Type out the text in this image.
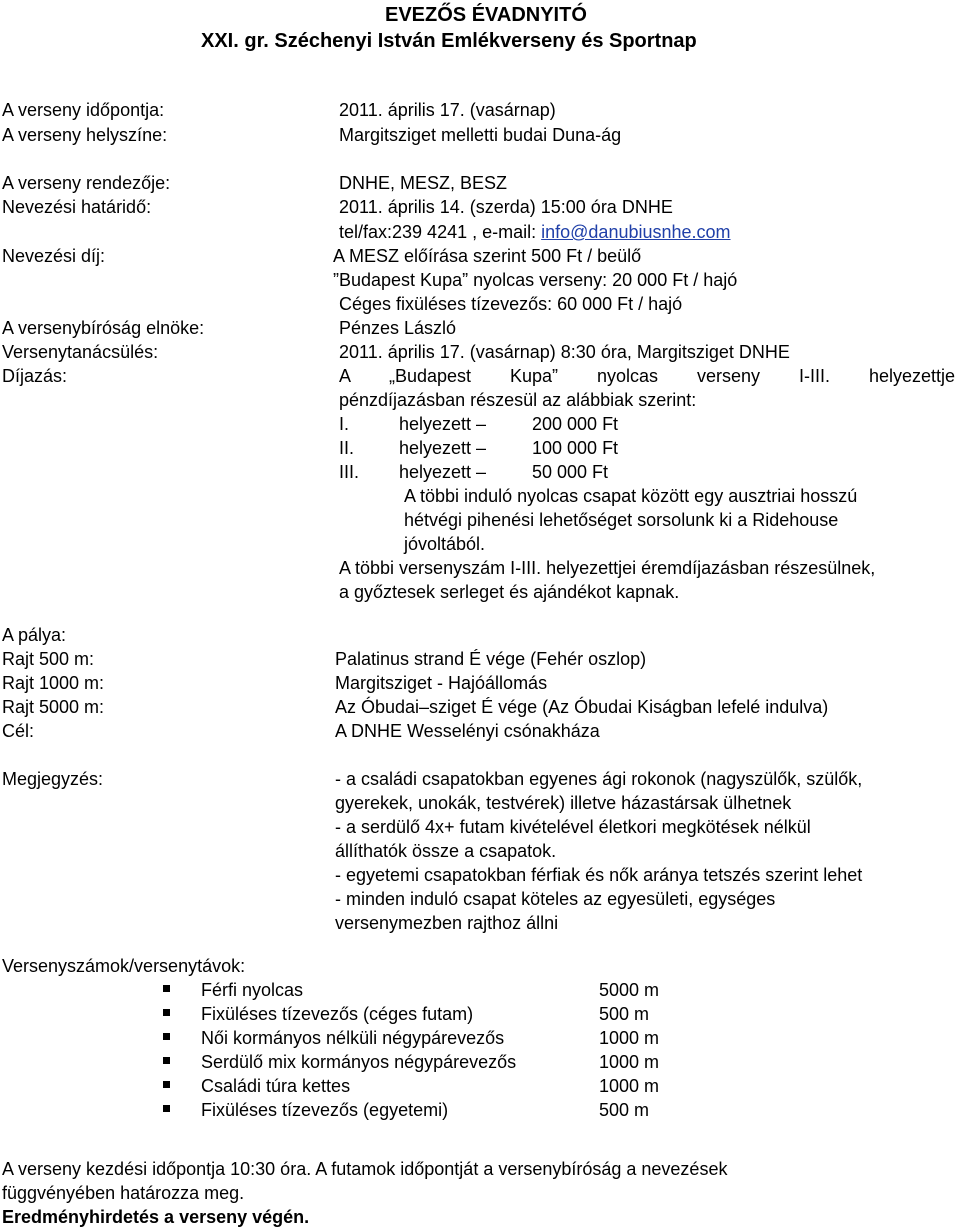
EVEZŐS ÉVADNYITÓ
XXI. gr. Széchenyi István Emlékverseny és Sportnap
A verseny időpontja:	2011. április 17. (vasárnap)
A verseny helyszíne:	Margitsziget melletti budai Duna-ág
A verseny rendezője:	DNHE, MESZ, BESZ
Nevezési határidő:	2011. április 14. (szerda) 15:00 óra DNHE
tel/fax:239 4241 , e-mail: info@danubiusnhe.com
Nevezési díj:	A MESZ előírása szerint 500 Ft / beülő
”Budapest Kupa” nyolcas verseny: 20 000 Ft / hajó
Céges fixüléses tízevezős: 60 000 Ft / hajó
A versenybíróság elnöke:	Pénzes László
Versenytanácsülés:	2011. április 17. (vasárnap) 8:30 óra, Margitsziget DNHE
Díjazás:	A „Budapest Kupa” nyolcas verseny I-III. helyezettje
pénzdíjazásban részesül az alábbiak szerint:
I.	helyezett –	200 000 Ft
II. helyezett –	100 000 Ft
III. helyezett –	50 000 Ft
A többi induló nyolcas csapat között egy ausztriai hosszú
hétvégi pihenési lehetőséget sorsolunk ki a Ridehouse
jóvoltából.
A többi versenyszám I-III. helyezettjei éremdíjazásban részesülnek,
a győztesek serleget és ajándékot kapnak.
A pálya:
Rajt 500 m:	Palatinus strand É vége (Fehér oszlop)
Rajt 1000 m:	Margitsziget - Hajóállomás
Rajt 5000 m:	Az Óbudai–sziget É vége (Az Óbudai Kiságban lefelé indulva)
Cél:	A DNHE Wesselényi csónakháza
Megjegyzés:	- a családi csapatokban egyenes ági rokonok (nagyszülők, szülők,
gyerekek, unokák, testvérek) illetve házastársak ülhetnek
- a serdülő 4x+ futam kivételével életkori megkötések nélkül
állíthatók össze a csapatok.
- egyetemi csapatokban férfiak és nők aránya tetszés szerint lehet
- minden induló csapat köteles az egyesületi, egységes
versenymezben rajthoz állni
Versenyszámok/versenytávok:
Férfi nyolcas	5000 m
Fixüléses tízevezős (céges futam)	500 m
Női kormányos nélküli négypárevezős	1000 m
Serdülő mix kormányos négypárevezős	1000 m
Családi túra kettes	1000 m
Fixüléses tízevezős (egyetemi)	500 m
A verseny kezdési időpontja 10:30 óra. A futamok időpontját a versenybíróság a nevezések
függvényében határozza meg.
Eredményhirdetés a verseny végén.
